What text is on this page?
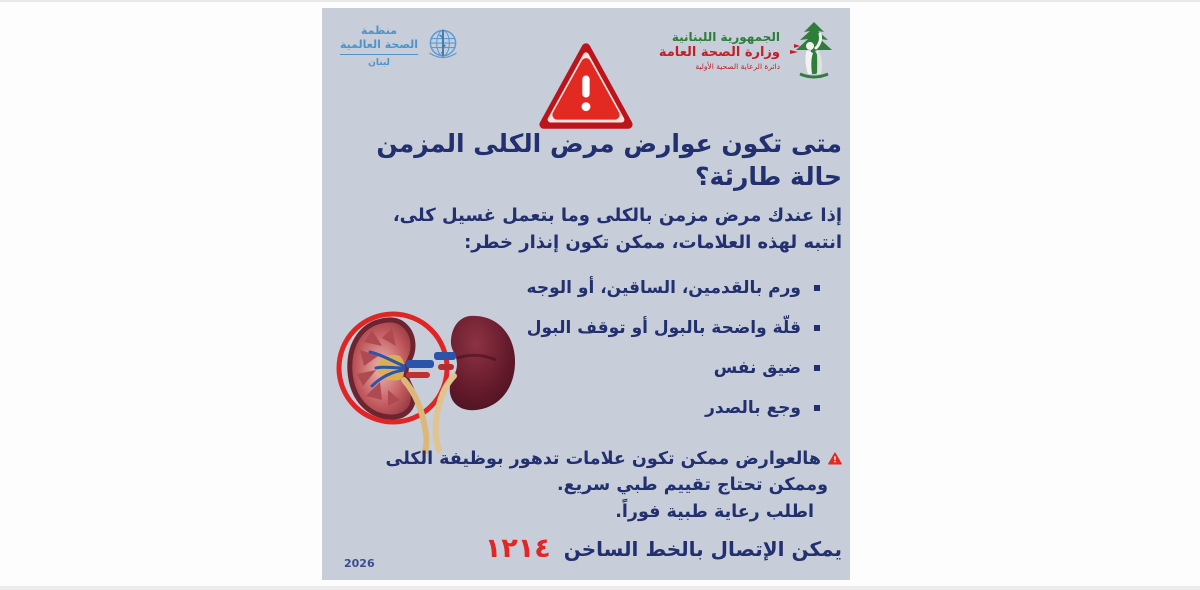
منظمة
الصحة العالمية
لبنان
الجمهورية اللبنانية
وزارة الصحة العامة
دائرة الرعاية الصحية الأولية
متى تكون عوارض مرض الكلى المزمن
حالة طارئة؟

إذا عندك مرض مزمن بالكلى وما بتعمل غسيل كلى،
انتبه لهذه العلامات، ممكن تكون إنذار خطر:

ورم بالقدمين، الساقين، أو الوجه
قلّة واضحة بالبول أو توقف البول
ضيق نفس
وجع بالصدر

هالعوارض ممكن تكون علامات تدهور بوظيفة الكلى
وممكن تحتاج تقييم طبي سريع.
اطلب رعاية طبية فوراً.

يمكن الإتصال بالخط الساخن
١٢١٤
2026
